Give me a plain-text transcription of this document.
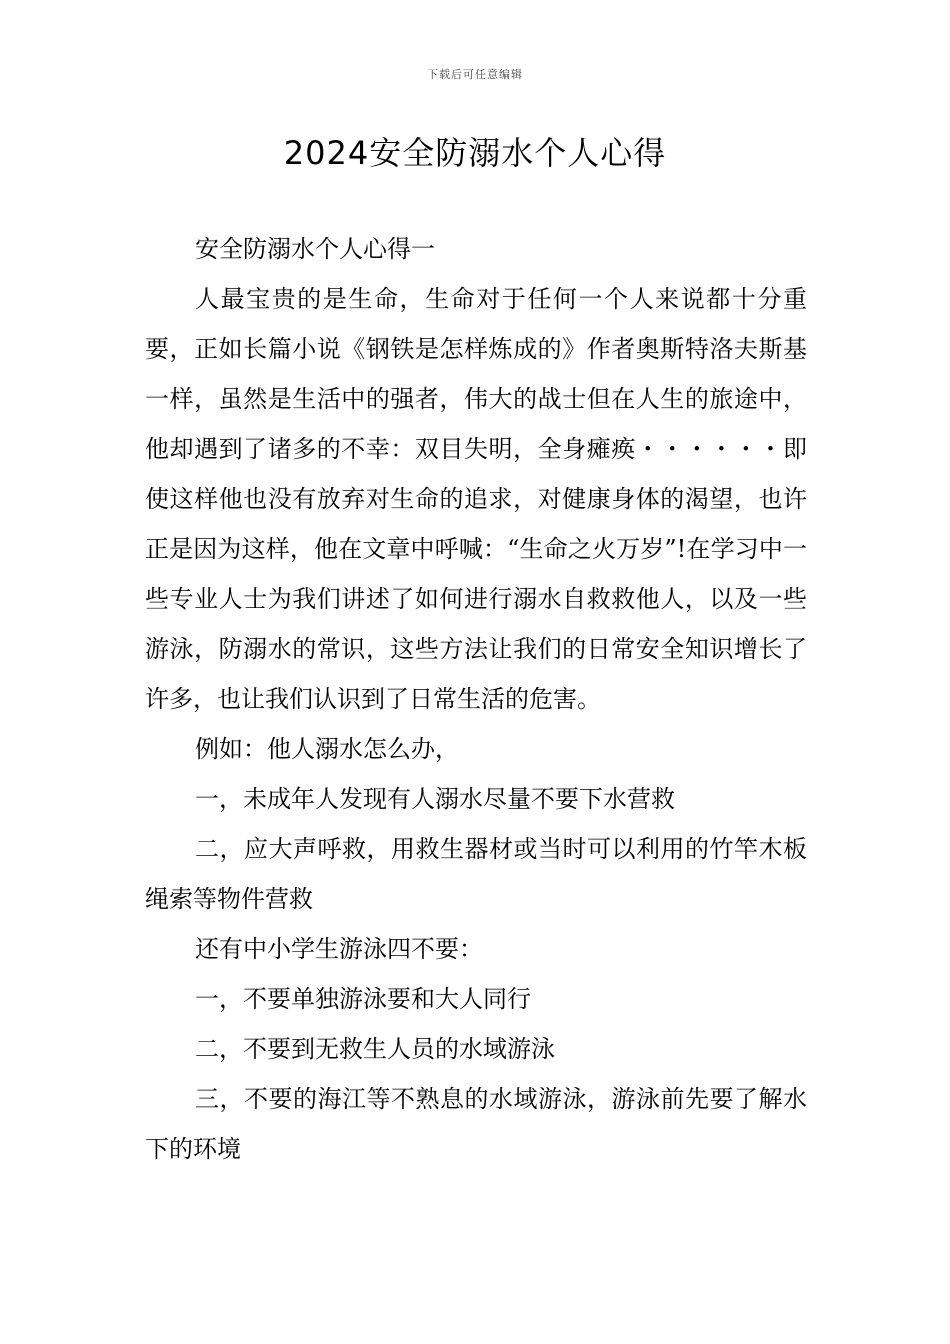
下载后可任意编辑
2024安全防溺水个人心得

安全防溺水个人心得一

人最宝贵的是生命，生命对于任何一个人来说都十分重要，正如长篇小说《钢铁是怎样炼成的》作者奥斯特洛夫斯基一样，虽然是生活中的强者，伟大的战士但在人生的旅途中，他却遇到了诸多的不幸：双目失明，全身瘫痪・・・・・・即使这样他也没有放弃对生命的追求，对健康身体的渴望，也许正是因为这样，他在文章中呼喊：“生命之火万岁”!在学习中一些专业人士为我们讲述了如何进行溺水自救救他人，以及一些游泳，防溺水的常识，这些方法让我们的日常安全知识增长了许多，也让我们认识到了日常生活的危害。

例如：他人溺水怎么办，

一，未成年人发现有人溺水尽量不要下水营救

二，应大声呼救，用救生器材或当时可以利用的竹竿木板绳索等物件营救

还有中小学生游泳四不要：

一，不要单独游泳要和大人同行

二，不要到无救生人员的水域游泳

三，不要的海江等不熟息的水域游泳，游泳前先要了解水下的环境
